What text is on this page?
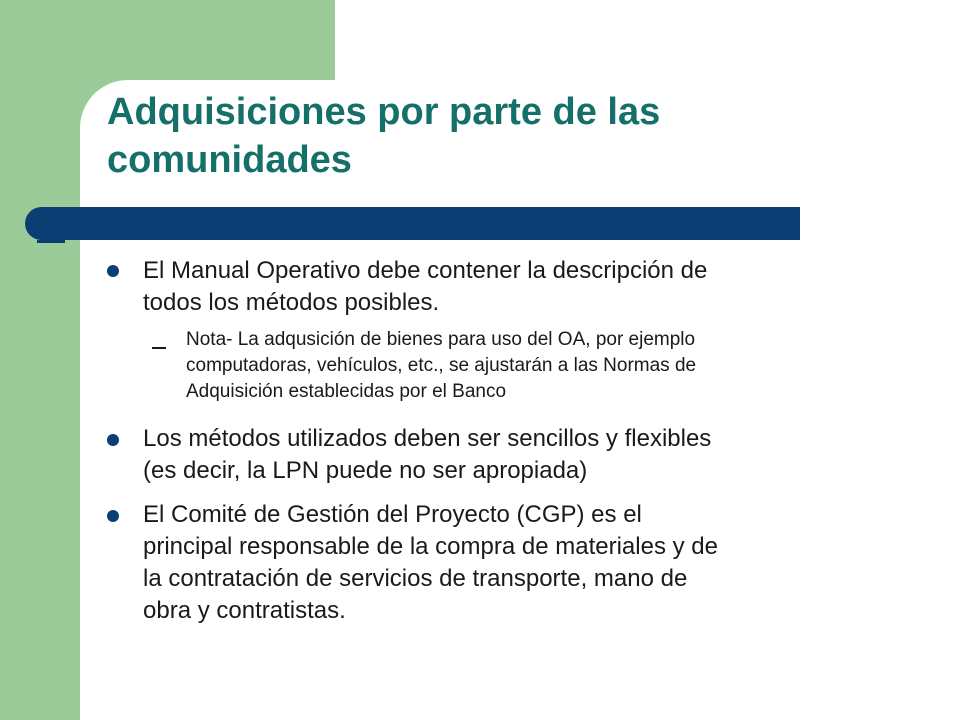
Adquisiciones por parte de las
comunidades

El Manual Operativo debe contener la descripción de
todos los métodos posibles.

Nota- La adqusición de bienes para uso del OA, por ejemplo
computadoras, vehículos, etc., se ajustarán a las Normas de
Adquisición establecidas por el Banco

Los métodos utilizados deben ser sencillos y flexibles
(es decir, la LPN puede no ser apropiada)

El Comité de Gestión del Proyecto (CGP) es el
principal responsable de la compra de materiales y de
la contratación de servicios de transporte, mano de
obra y contratistas.
